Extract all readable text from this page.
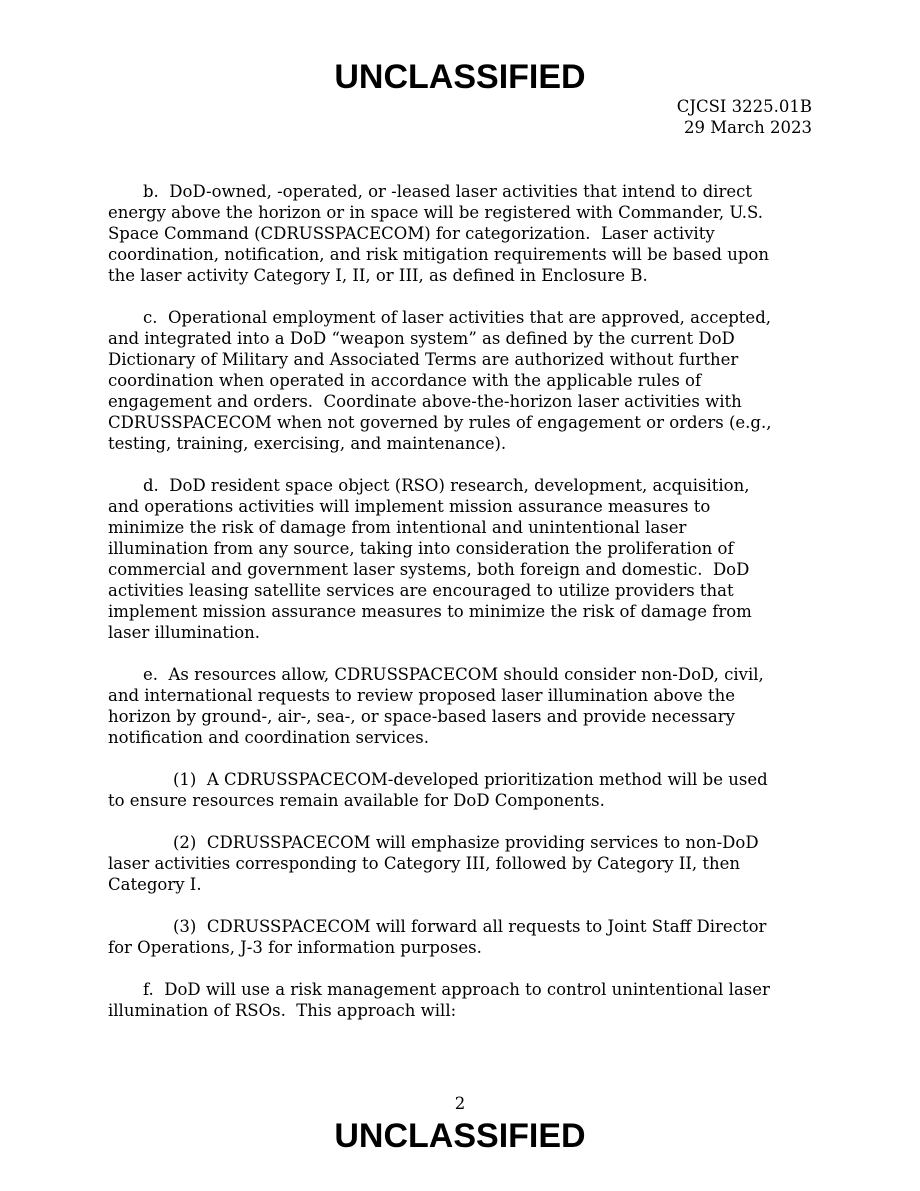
UNCLASSIFIED
CJCSI 3225.01B
29 March 2023

b.  DoD-owned, -operated, or -leased laser activities that intend to direct
energy above the horizon or in space will be registered with Commander, U.S.
Space Command (CDRUSSPACECOM) for categorization.  Laser activity
coordination, notification, and risk mitigation requirements will be based upon
the laser activity Category I, II, or III, as defined in Enclosure B.

c.  Operational employment of laser activities that are approved, accepted,
and integrated into a DoD “weapon system” as defined by the current DoD
Dictionary of Military and Associated Terms are authorized without further
coordination when operated in accordance with the applicable rules of
engagement and orders.  Coordinate above-the-horizon laser activities with
CDRUSSPACECOM when not governed by rules of engagement or orders (e.g.,
testing, training, exercising, and maintenance).

d.  DoD resident space object (RSO) research, development, acquisition,
and operations activities will implement mission assurance measures to
minimize the risk of damage from intentional and unintentional laser
illumination from any source, taking into consideration the proliferation of
commercial and government laser systems, both foreign and domestic.  DoD
activities leasing satellite services are encouraged to utilize providers that
implement mission assurance measures to minimize the risk of damage from
laser illumination.

e.  As resources allow, CDRUSSPACECOM should consider non-DoD, civil,
and international requests to review proposed laser illumination above the
horizon by ground-, air-, sea-, or space-based lasers and provide necessary
notification and coordination services.

(1)  A CDRUSSPACECOM-developed prioritization method will be used
to ensure resources remain available for DoD Components.

(2)  CDRUSSPACECOM will emphasize providing services to non-DoD
laser activities corresponding to Category III, followed by Category II, then
Category I.

(3)  CDRUSSPACECOM will forward all requests to Joint Staff Director
for Operations, J-3 for information purposes.

f.  DoD will use a risk management approach to control unintentional laser
illumination of RSOs.  This approach will:

2
UNCLASSIFIED
